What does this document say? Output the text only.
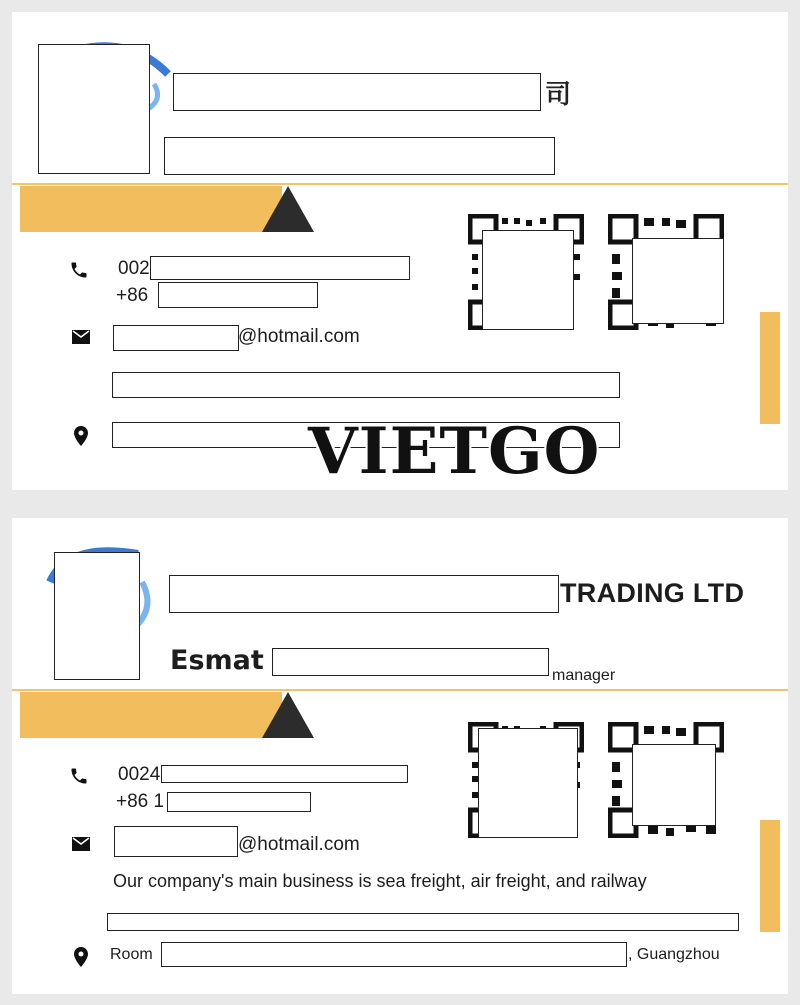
司
002
+86
@hotmail.com
VIETGO
TRADING LTD
Esmat	manager
0024
+86 1
@hotmail.com
Our company's main business is sea freight, air freight, and railway
Room	, Guangzhou
